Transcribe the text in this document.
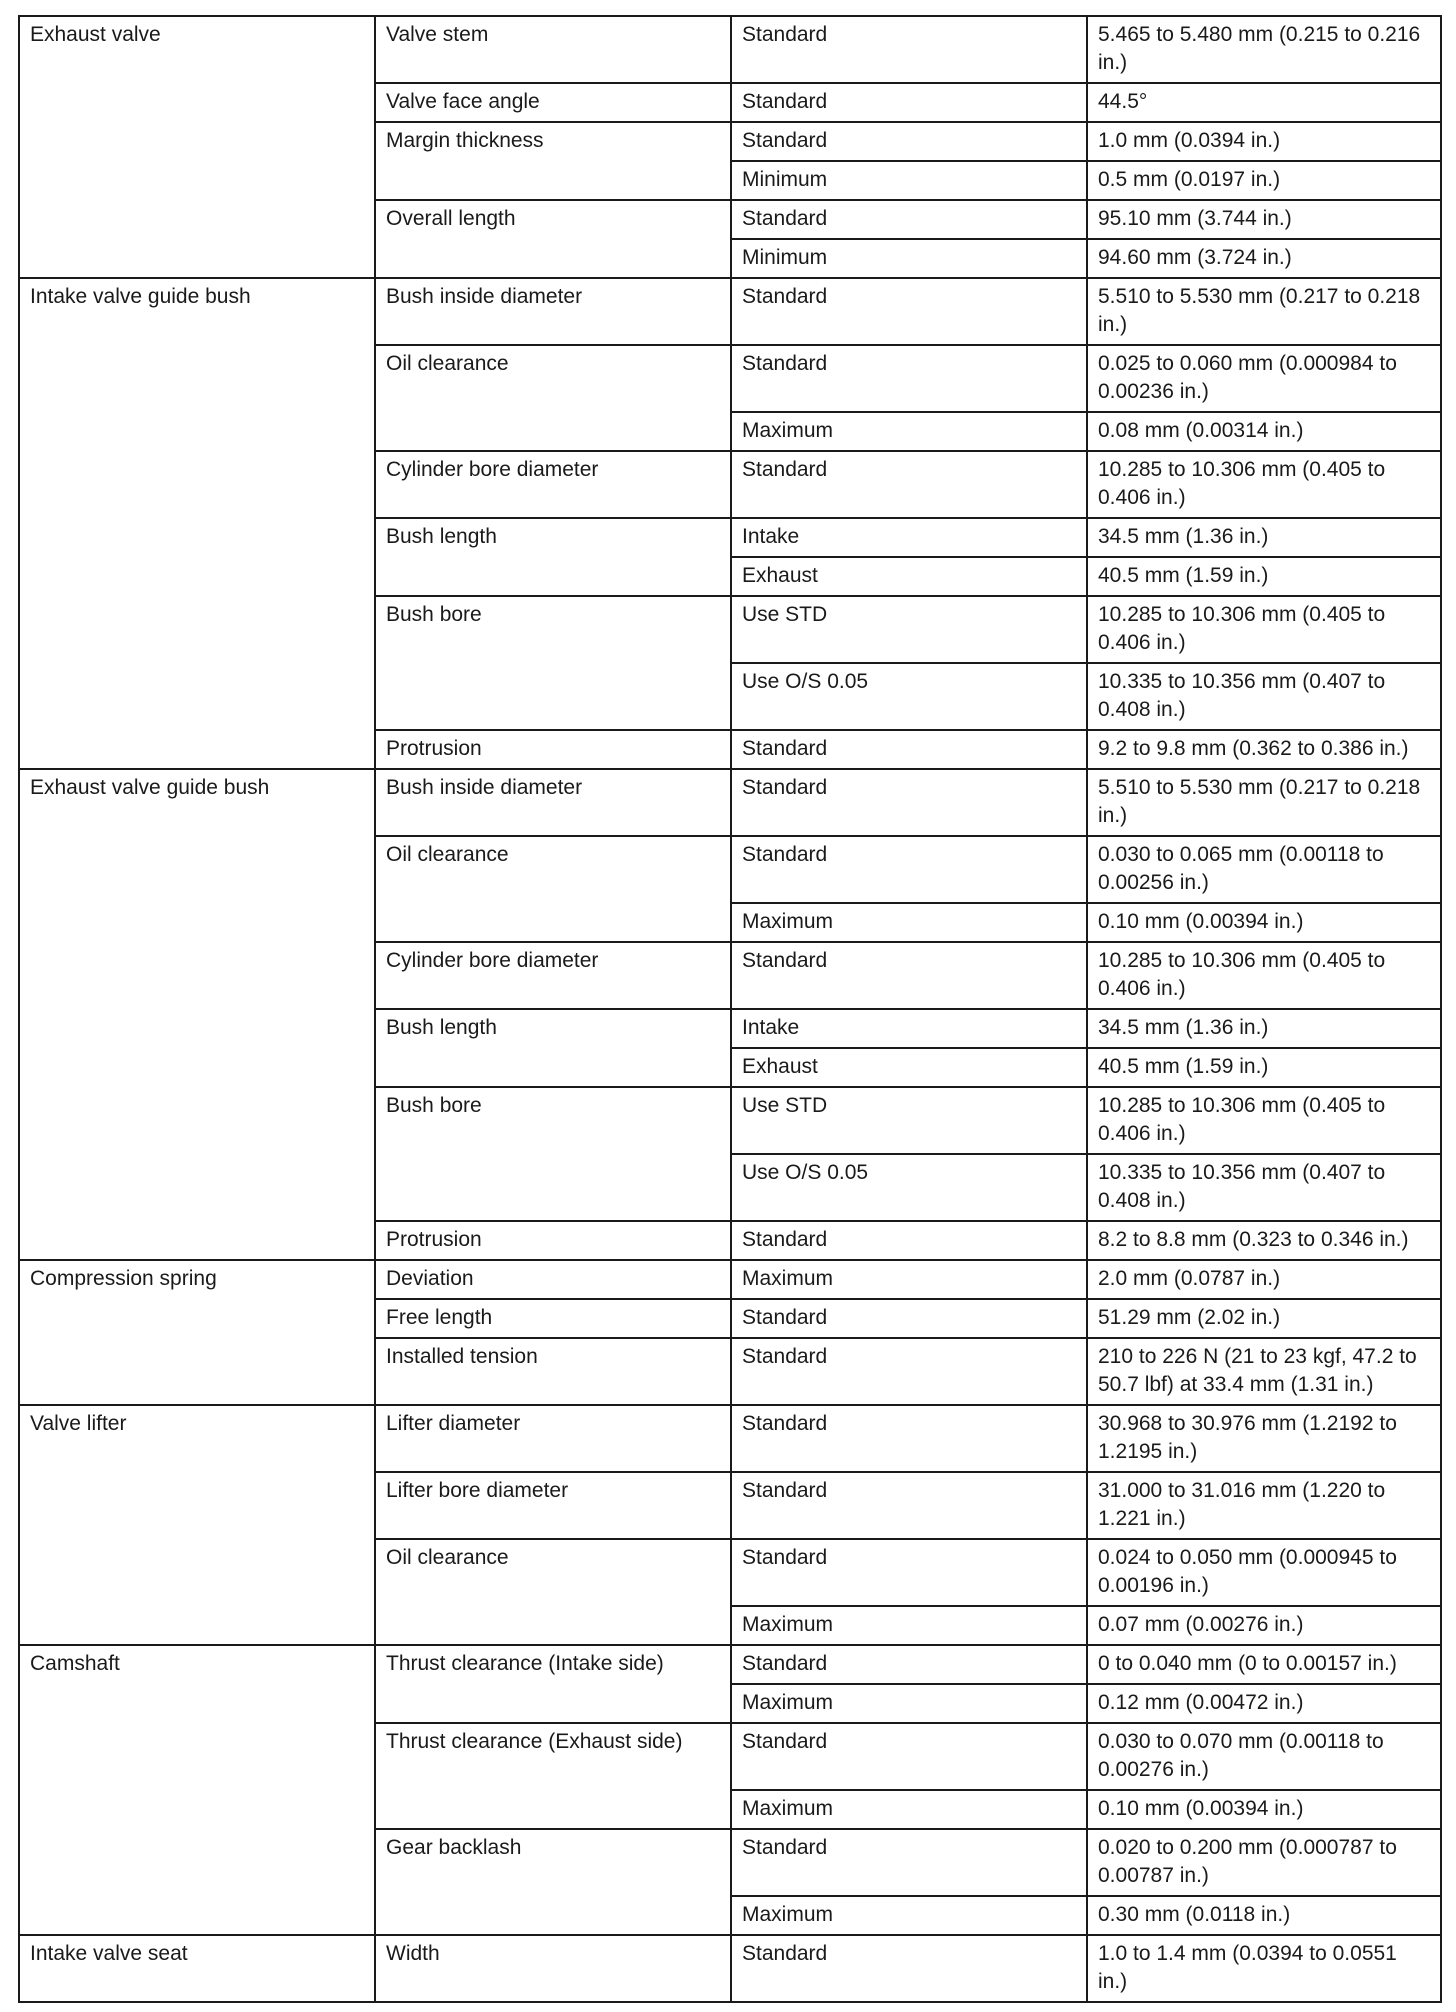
Exhaust valve	Valve stem	Standard	5.465 to 5.480 mm (0.215 to 0.216 in.)
	Valve face angle	Standard	44.5°
	Margin thickness	Standard	1.0 mm (0.0394 in.)
		Minimum	0.5 mm (0.0197 in.)
	Overall length	Standard	95.10 mm (3.744 in.)
		Minimum	94.60 mm (3.724 in.)
Intake valve guide bush	Bush inside diameter	Standard	5.510 to 5.530 mm (0.217 to 0.218 in.)
	Oil clearance	Standard	0.025 to 0.060 mm (0.000984 to 0.00236 in.)
		Maximum	0.08 mm (0.00314 in.)
	Cylinder bore diameter	Standard	10.285 to 10.306 mm (0.405 to 0.406 in.)
	Bush length	Intake	34.5 mm (1.36 in.)
		Exhaust	40.5 mm (1.59 in.)
	Bush bore	Use STD	10.285 to 10.306 mm (0.405 to 0.406 in.)
		Use O/S 0.05	10.335 to 10.356 mm (0.407 to 0.408 in.)
	Protrusion	Standard	9.2 to 9.8 mm (0.362 to 0.386 in.)
Exhaust valve guide bush	Bush inside diameter	Standard	5.510 to 5.530 mm (0.217 to 0.218 in.)
	Oil clearance	Standard	0.030 to 0.065 mm (0.00118 to 0.00256 in.)
		Maximum	0.10 mm (0.00394 in.)
	Cylinder bore diameter	Standard	10.285 to 10.306 mm (0.405 to 0.406 in.)
	Bush length	Intake	34.5 mm (1.36 in.)
		Exhaust	40.5 mm (1.59 in.)
	Bush bore	Use STD	10.285 to 10.306 mm (0.405 to 0.406 in.)
		Use O/S 0.05	10.335 to 10.356 mm (0.407 to 0.408 in.)
	Protrusion	Standard	8.2 to 8.8 mm (0.323 to 0.346 in.)
Compression spring	Deviation	Maximum	2.0 mm (0.0787 in.)
	Free length	Standard	51.29 mm (2.02 in.)
	Installed tension	Standard	210 to 226 N (21 to 23 kgf, 47.2 to 50.7 lbf) at 33.4 mm (1.31 in.)
Valve lifter	Lifter diameter	Standard	30.968 to 30.976 mm (1.2192 to 1.2195 in.)
	Lifter bore diameter	Standard	31.000 to 31.016 mm (1.220 to 1.221 in.)
	Oil clearance	Standard	0.024 to 0.050 mm (0.000945 to 0.00196 in.)
		Maximum	0.07 mm (0.00276 in.)
Camshaft	Thrust clearance (Intake side)	Standard	0 to 0.040 mm (0 to 0.00157 in.)
		Maximum	0.12 mm (0.00472 in.)
	Thrust clearance (Exhaust side)	Standard	0.030 to 0.070 mm (0.00118 to 0.00276 in.)
		Maximum	0.10 mm (0.00394 in.)
	Gear backlash	Standard	0.020 to 0.200 mm (0.000787 to 0.00787 in.)
		Maximum	0.30 mm (0.0118 in.)
Intake valve seat	Width	Standard	1.0 to 1.4 mm (0.0394 to 0.0551 in.)
